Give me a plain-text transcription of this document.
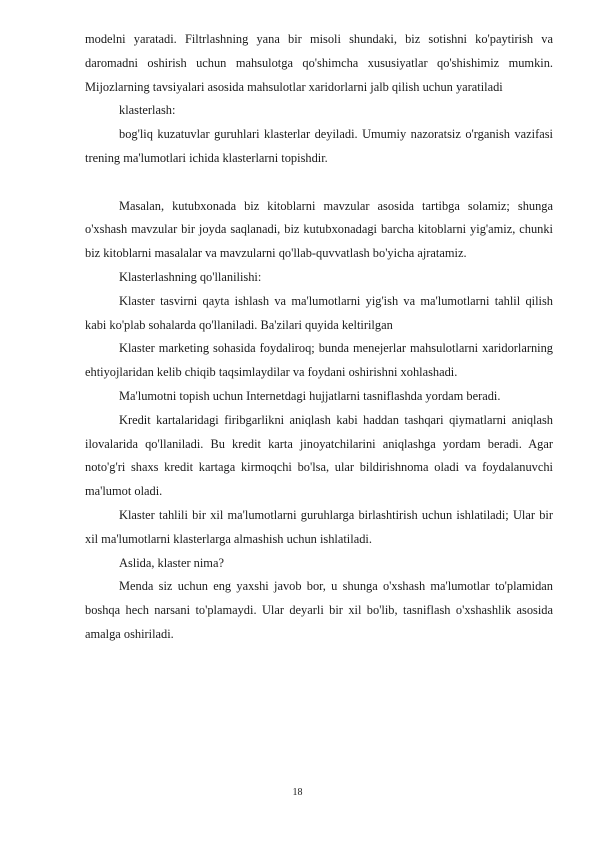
modelni yaratadi. Filtrlashning yana bir misoli shundaki, biz sotishni ko'paytirish va daromadni oshirish uchun mahsulotga qo'shimcha xususiyatlar qo'shishimiz mumkin. Mijozlarning tavsiyalari asosida mahsulotlar xaridorlarni jalb qilish uchun yaratiladi

klasterlash:

bog'liq kuzatuvlar guruhlari klasterlar deyiladi. Umumiy nazoratsiz o'rganish vazifasi trening ma'lumotlari ichida klasterlarni topishdir.

Masalan, kutubxonada biz kitoblarni mavzular asosida tartibga solamiz; shunga o'xshash mavzular bir joyda saqlanadi, biz kutubxonadagi barcha kitoblarni yig'amiz, chunki biz kitoblarni masalalar va mavzularni qo'llab-quvvatlash bo'yicha ajratamiz.

Klasterlashning qo'llanilishi:

Klaster tasvirni qayta ishlash va ma'lumotlarni yig'ish va ma'lumotlarni tahlil qilish kabi ko'plab sohalarda qo'llaniladi. Ba'zilari quyida keltirilgan

Klaster marketing sohasida foydaliroq; bunda menejerlar mahsulotlarni xaridorlarning ehtiyojlaridan kelib chiqib taqsimlaydilar va foydani oshirishni xohlashadi.

Ma'lumotni topish uchun Internetdagi hujjatlarni tasniflashda yordam beradi.

Kredit kartalaridagi firibgarlikni aniqlash kabi haddan tashqari qiymatlarni aniqlash ilovalarida qo'llaniladi. Bu kredit karta jinoyatchilarini aniqlashga yordam beradi. Agar noto'g'ri shaxs kredit kartaga kirmoqchi bo'lsa, ular bildirishnoma oladi va foydalanuvchi ma'lumot oladi.

Klaster tahlili bir xil ma'lumotlarni guruhlarga birlashtirish uchun ishlatiladi; Ular bir xil ma'lumotlarni klasterlarga almashish uchun ishlatiladi.

Aslida, klaster nima?

Menda siz uchun eng yaxshi javob bor, u shunga o'xshash ma'lumotlar to'plamidan boshqa hech narsani to'plamaydi. Ular deyarli bir xil bo'lib, tasniflash o'xshashlik asosida amalga oshiriladi.

18
